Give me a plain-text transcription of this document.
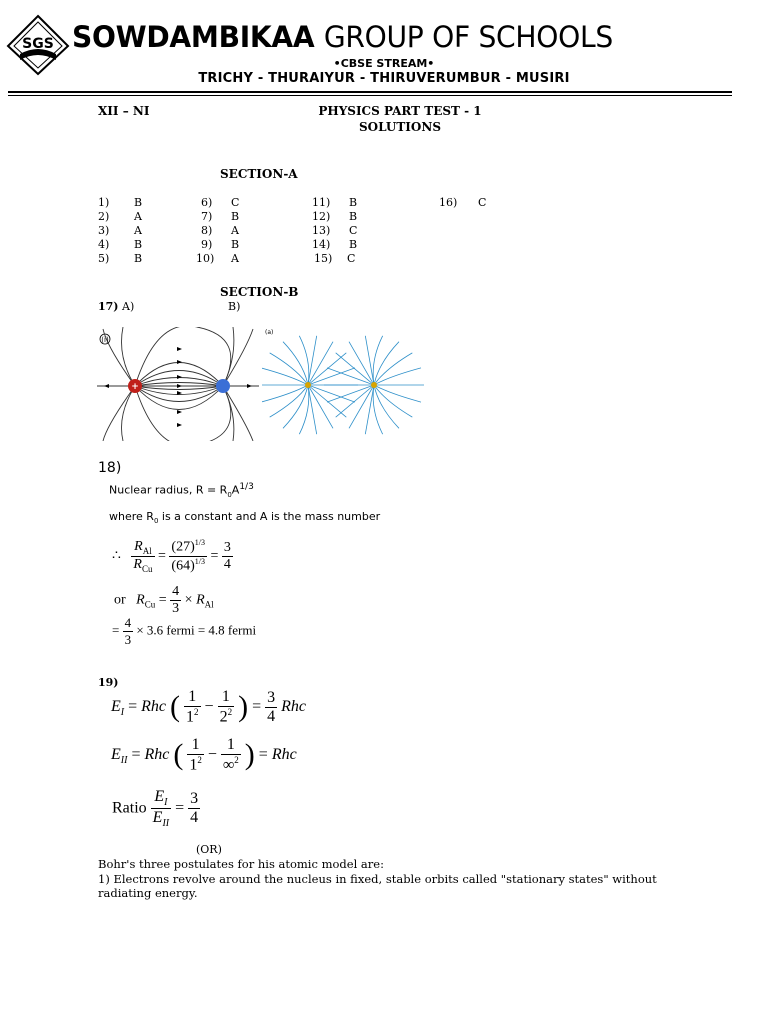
SGS SOWDAMBIKAA GROUP OF SCHOOLS
•CBSE STREAM•
TRICHY - THURAIYUR - THIRUVERUMBUR - MUSIRI
XII – NI	PHYSICS PART TEST - 1
SOLUTIONS
SECTION-A
1) B
2) A
3) A
4) B
5) B
6) C
7) B
8) A
9) B
10) A
11) B
12) B
13) C
14) B
15) C
16) C
SECTION-B
17) A)	B)
(i)
+
(a)
18)
Nuclear radius, $R = R_0A^{1/3}$
where $R_0$ is a constant and A is the mass number
∴ $\frac{R_{Al}}{R_{Cu}} = \frac{(27)^{1/3}}{(64)^{1/3}} = \frac{3}{4}$
or $R_{Cu} = \frac{4}{3} \times R_{Al}$
= $\frac{4}{3} \times 3.6$ fermi = 4.8 fermi
19)
$E_I$ = Rhc ( $\frac{1}{1^2} - \frac{1}{2^2}$ ) = $\frac{3}{4}$ Rhc
$E_{II}$ = Rhc ( $\frac{1}{1^2} - \frac{1}{\infty^2}$ ) = Rhc
Ratio $\frac{E_I}{E_{II}} = \frac{3}{4}$
(OR)
Bohr's three postulates for his atomic model are:
1) Electrons revolve around the nucleus in fixed, stable orbits called "stationary states" without
radiating energy.
